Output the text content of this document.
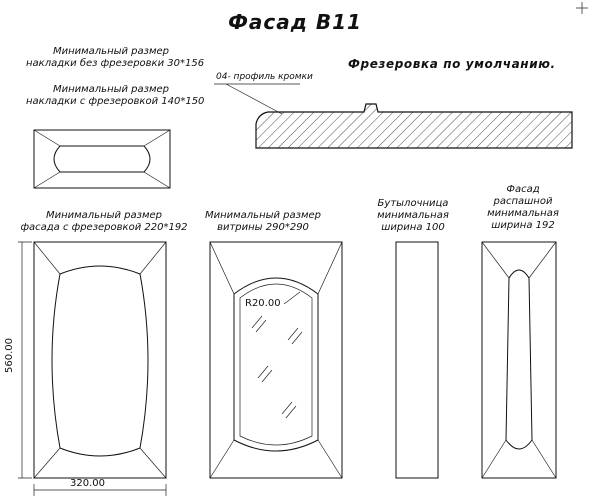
Фасад B11
Фрезеровка по умолчанию.
Минимальный размер
накладки без фрезеровки 30*156
Минимальный размер
накладки с фрезеровкой 140*150
Минимальный размер
фасада с фрезеровкой 220*192
Минимальный размер
витрины 290*290
Бутылочница
минимальная
ширина 100
Фасад
распашной
минимальная
ширина 192
04- профиль кромки
R20.00
320.00
560.00
